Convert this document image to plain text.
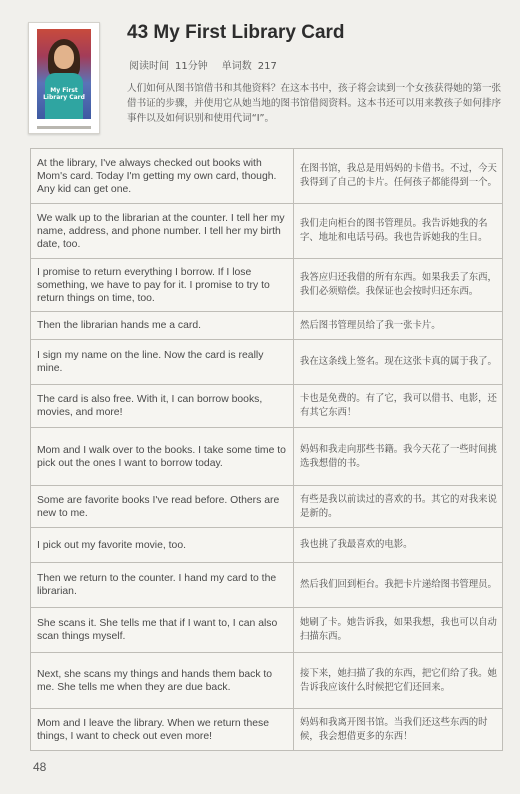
My First
Library Card
43 My First Library Card
阅读时间 11分钟 单词数 217
人们如何从图书馆借书和其他资料？在这本书中，孩子将会读到一个女孩获得她的第一张借书证的步骤，并使用它从她当地的图书馆借阅资料。这本书还可以用来教孩子如何排序事件以及如何识别和使用代词“I”。
At the library, I've always checked out books with Mom's card. Today I'm getting my own card, though. Any kid can get one.	在图书馆，我总是用妈妈的卡借书。不过，今天我得到了自己的卡片。任何孩子都能得到一个。
We walk up to the librarian at the counter. I tell her my name, address, and phone number. I tell her my birth date, too.	我们走向柜台的图书管理员。我告诉她我的名字、地址和电话号码。我也告诉她我的生日。
I promise to return everything I borrow. If I lose something, we have to pay for it. I promise to try to return things on time, too.	我答应归还我借的所有东西。如果我丢了东西，我们必须赔偿。我保证也会按时归还东西。
Then the librarian hands me a card.	然后图书管理员给了我一张卡片。
I sign my name on the line. Now the card is really mine.	我在这条线上签名。现在这张卡真的属于我了。
The card is also free. With it, I can borrow books, movies, and more!	卡也是免费的。有了它，我可以借书、电影，还有其它东西！
Mom and I walk over to the books. I take some time to pick out the ones I want to borrow today.	妈妈和我走向那些书籍。我今天花了一些时间挑选我想借的书。
Some are favorite books I've read before. Others are new to me.	有些是我以前读过的喜欢的书。其它的对我来说是新的。
I pick out my favorite movie, too.	我也挑了我最喜欢的电影。
Then we return to the counter. I hand my card to the librarian.	然后我们回到柜台。我把卡片递给图书管理员。
She scans it. She tells me that if I want to, I can also scan things myself.	她刷了卡。她告诉我，如果我想，我也可以自动扫描东西。
Next, she scans my things and hands them back to me. She tells me when they are due back.	接下来，她扫描了我的东西，把它们给了我。她告诉我应该什么时候把它们还回来。
Mom and I leave the library. When we return these things, I want to check out even more!	妈妈和我离开图书馆。当我们还这些东西的时候，我会想借更多的东西！
48
